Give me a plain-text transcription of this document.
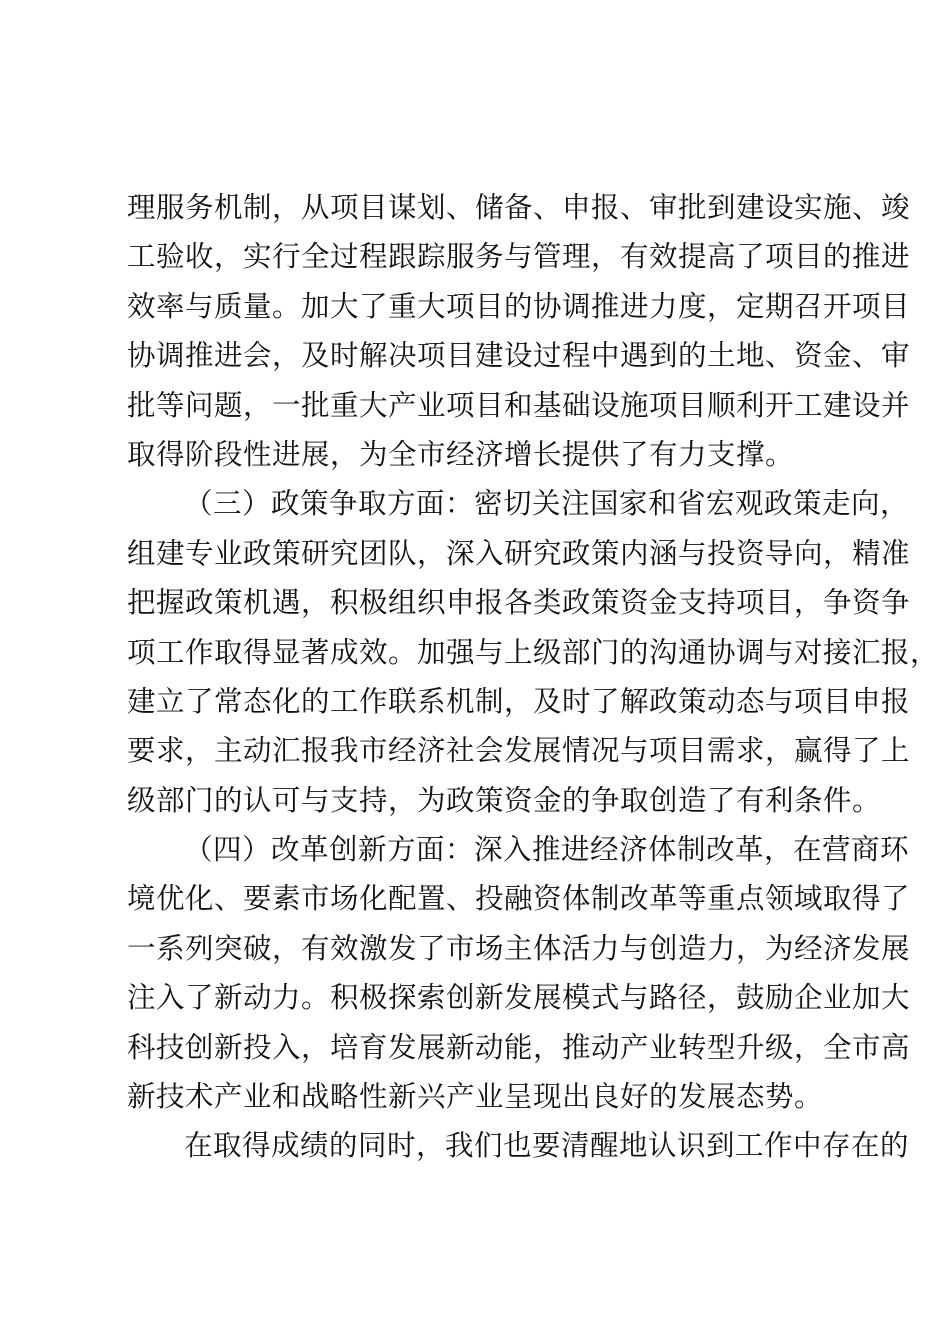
理服务机制，从项目谋划、储备、申报、审批到建设实施、竣
工验收，实行全过程跟踪服务与管理，有效提高了项目的推进
效率与质量。加大了重大项目的协调推进力度，定期召开项目
协调推进会，及时解决项目建设过程中遇到的土地、资金、审
批等问题，一批重大产业项目和基础设施项目顺利开工建设并
取得阶段性进展，为全市经济增长提供了有力支撑。
（三）政策争取方面：密切关注国家和省宏观政策走向，
组建专业政策研究团队，深入研究政策内涵与投资导向，精准
把握政策机遇，积极组织申报各类政策资金支持项目，争资争
项工作取得显著成效。加强与上级部门的沟通协调与对接汇报，
建立了常态化的工作联系机制，及时了解政策动态与项目申报
要求，主动汇报我市经济社会发展情况与项目需求，赢得了上
级部门的认可与支持，为政策资金的争取创造了有利条件。
（四）改革创新方面：深入推进经济体制改革，在营商环
境优化、要素市场化配置、投融资体制改革等重点领域取得了
一系列突破，有效激发了市场主体活力与创造力，为经济发展
注入了新动力。积极探索创新发展模式与路径，鼓励企业加大
科技创新投入，培育发展新动能，推动产业转型升级，全市高
新技术产业和战略性新兴产业呈现出良好的发展态势。
在取得成绩的同时，我们也要清醒地认识到工作中存在的
